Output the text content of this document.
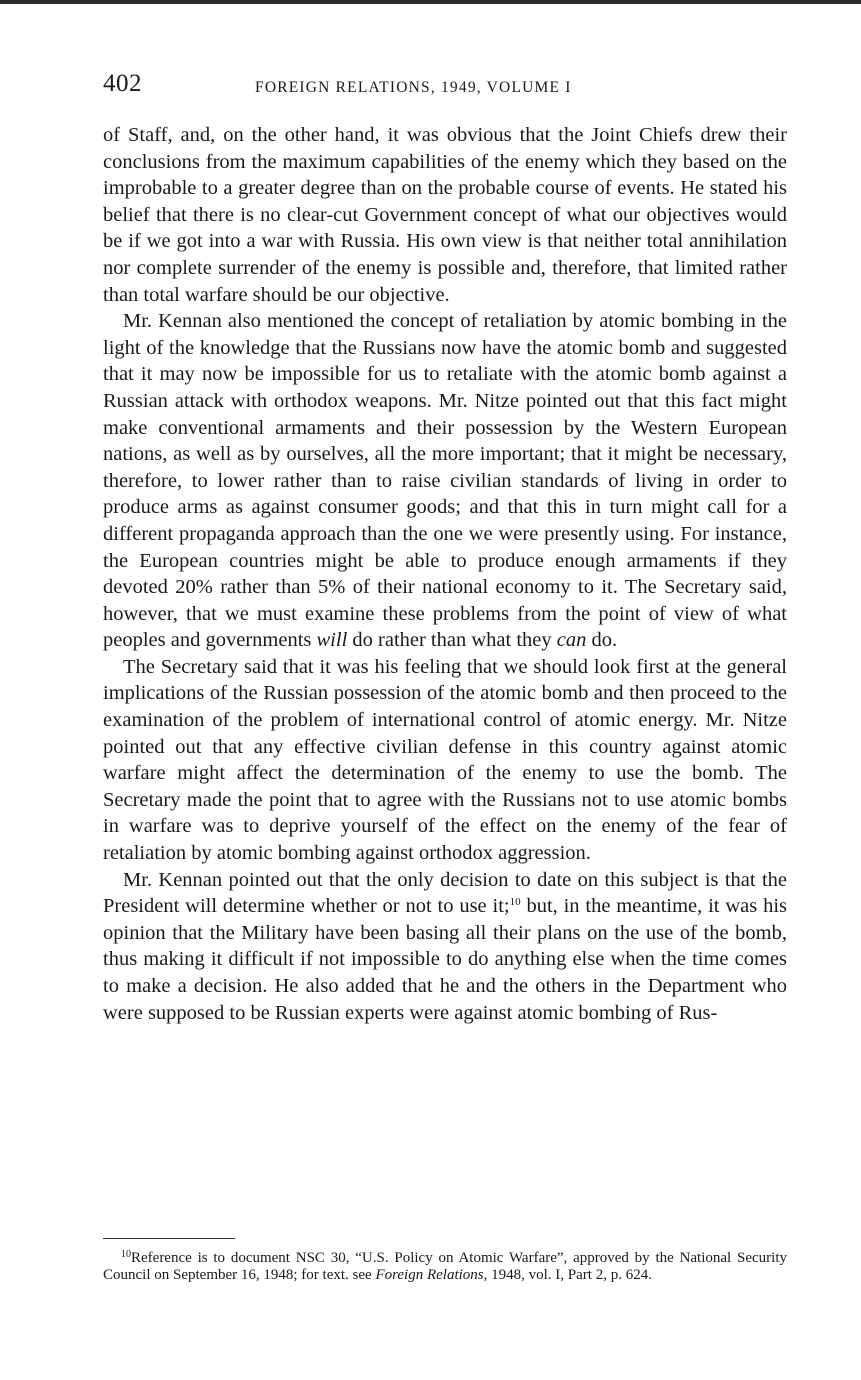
402	FOREIGN RELATIONS, 1949, VOLUME I

of Staff, and, on the other hand, it was obvious that the Joint Chiefs drew their conclusions from the maximum capabilities of the enemy which they based on the improbable to a greater degree than on the probable course of events. He stated his belief that there is no clear-cut Government concept of what our objectives would be if we got into a war with Russia. His own view is that neither total annihilation nor complete surrender of the enemy is possible and, therefore, that limited rather than total warfare should be our objective.

Mr. Kennan also mentioned the concept of retaliation by atomic bombing in the light of the knowledge that the Russians now have the atomic bomb and suggested that it may now be impossible for us to retaliate with the atomic bomb against a Russian attack with orthodox weapons. Mr. Nitze pointed out that this fact might make conventional armaments and their possession by the Western European nations, as well as by ourselves, all the more important; that it might be necessary, therefore, to lower rather than to raise civilian standards of living in order to produce arms as against consumer goods; and that this in turn might call for a different propaganda approach than the one we were presently using. For instance, the European countries might be able to produce enough armaments if they devoted 20% rather than 5% of their national economy to it. The Secretary said, however, that we must examine these problems from the point of view of what peoples and governments will do rather than what they can do.

The Secretary said that it was his feeling that we should look first at the general implications of the Russian possession of the atomic bomb and then proceed to the examination of the problem of international control of atomic energy. Mr. Nitze pointed out that any effective civilian defense in this country against atomic warfare might affect the determination of the enemy to use the bomb. The Secretary made the point that to agree with the Russians not to use atomic bombs in warfare was to deprive yourself of the effect on the enemy of the fear of retaliation by atomic bombing against orthodox aggression.

Mr. Kennan pointed out that the only decision to date on this subject is that the President will determine whether or not to use it;$^{10}$ but, in the meantime, it was his opinion that the Military have been basing all their plans on the use of the bomb, thus making it difficult if not impossible to do anything else when the time comes to make a decision. He also added that he and the others in the Department who were supposed to be Russian experts were against atomic bombing of Rus-

$^{10}$Reference is to document NSC 30, “U.S. Policy on Atomic Warfare”, approved by the National Security Council on September 16, 1948; for text. see Foreign Relations, 1948, vol. I, Part 2, p. 624.
